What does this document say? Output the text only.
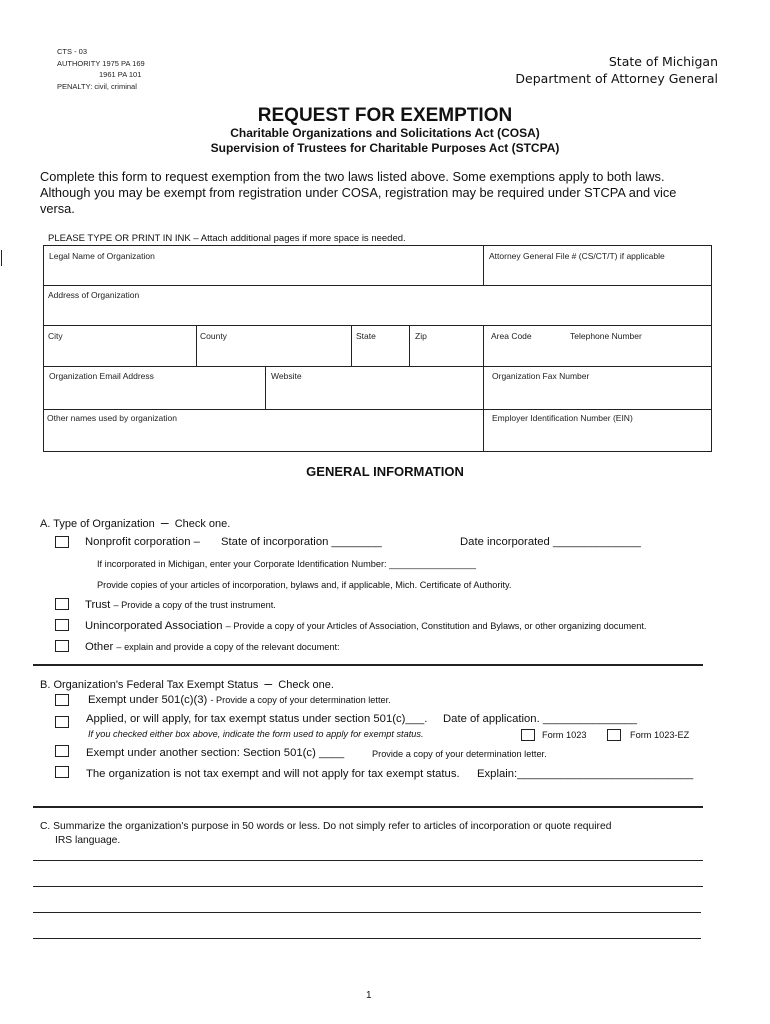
CTS - 03
AUTHORITY 1975 PA 169
1961 PA 101
PENALTY: civil, criminal
State of Michigan
Department of Attorney General
REQUEST FOR EXEMPTION
Charitable Organizations and Solicitations Act (COSA)
Supervision of Trustees for Charitable Purposes Act (STCPA)
Complete this form to request exemption from the two laws listed above. Some exemptions apply to both laws. Although you may be exempt from registration under COSA, registration may be required under STCPA and vice versa.
PLEASE TYPE OR PRINT IN INK – Attach additional pages if more space is needed.
Legal Name of Organization	Attorney General File # (CS/CT/T) if applicable
Address of Organization
City	County	State	Zip	Area Code	Telephone Number
Organization Email Address	Website	Organization Fax Number
Other names used by organization	Employer Identification Number (EIN)
GENERAL INFORMATION
A. Type of Organization – Check one.
Nonprofit corporation – State of incorporation ________	Date incorporated ______________
If incorporated in Michigan, enter your Corporate Identification Number: _________________
Provide copies of your articles of incorporation, bylaws and, if applicable, Mich. Certificate of Authority.
Trust – Provide a copy of the trust instrument.
Unincorporated Association – Provide a copy of your Articles of Association, Constitution and Bylaws, or other organizing document.
Other – explain and provide a copy of the relevant document:
B. Organization's Federal Tax Exempt Status – Check one.
Exempt under 501(c)(3) - Provide a copy of your determination letter.
Applied, or will apply, for tax exempt status under section 501(c)___. Date of application. _______________
If you checked either box above, indicate the form used to apply for exempt status.	Form 1023	Form 1023-EZ
Exempt under another section: Section 501(c) ____	Provide a copy of your determination letter.
The organization is not tax exempt and will not apply for tax exempt status. Explain:____________________________
C. Summarize the organization's purpose in 50 words or less. Do not simply refer to articles of incorporation or quote required
IRS language.
1
